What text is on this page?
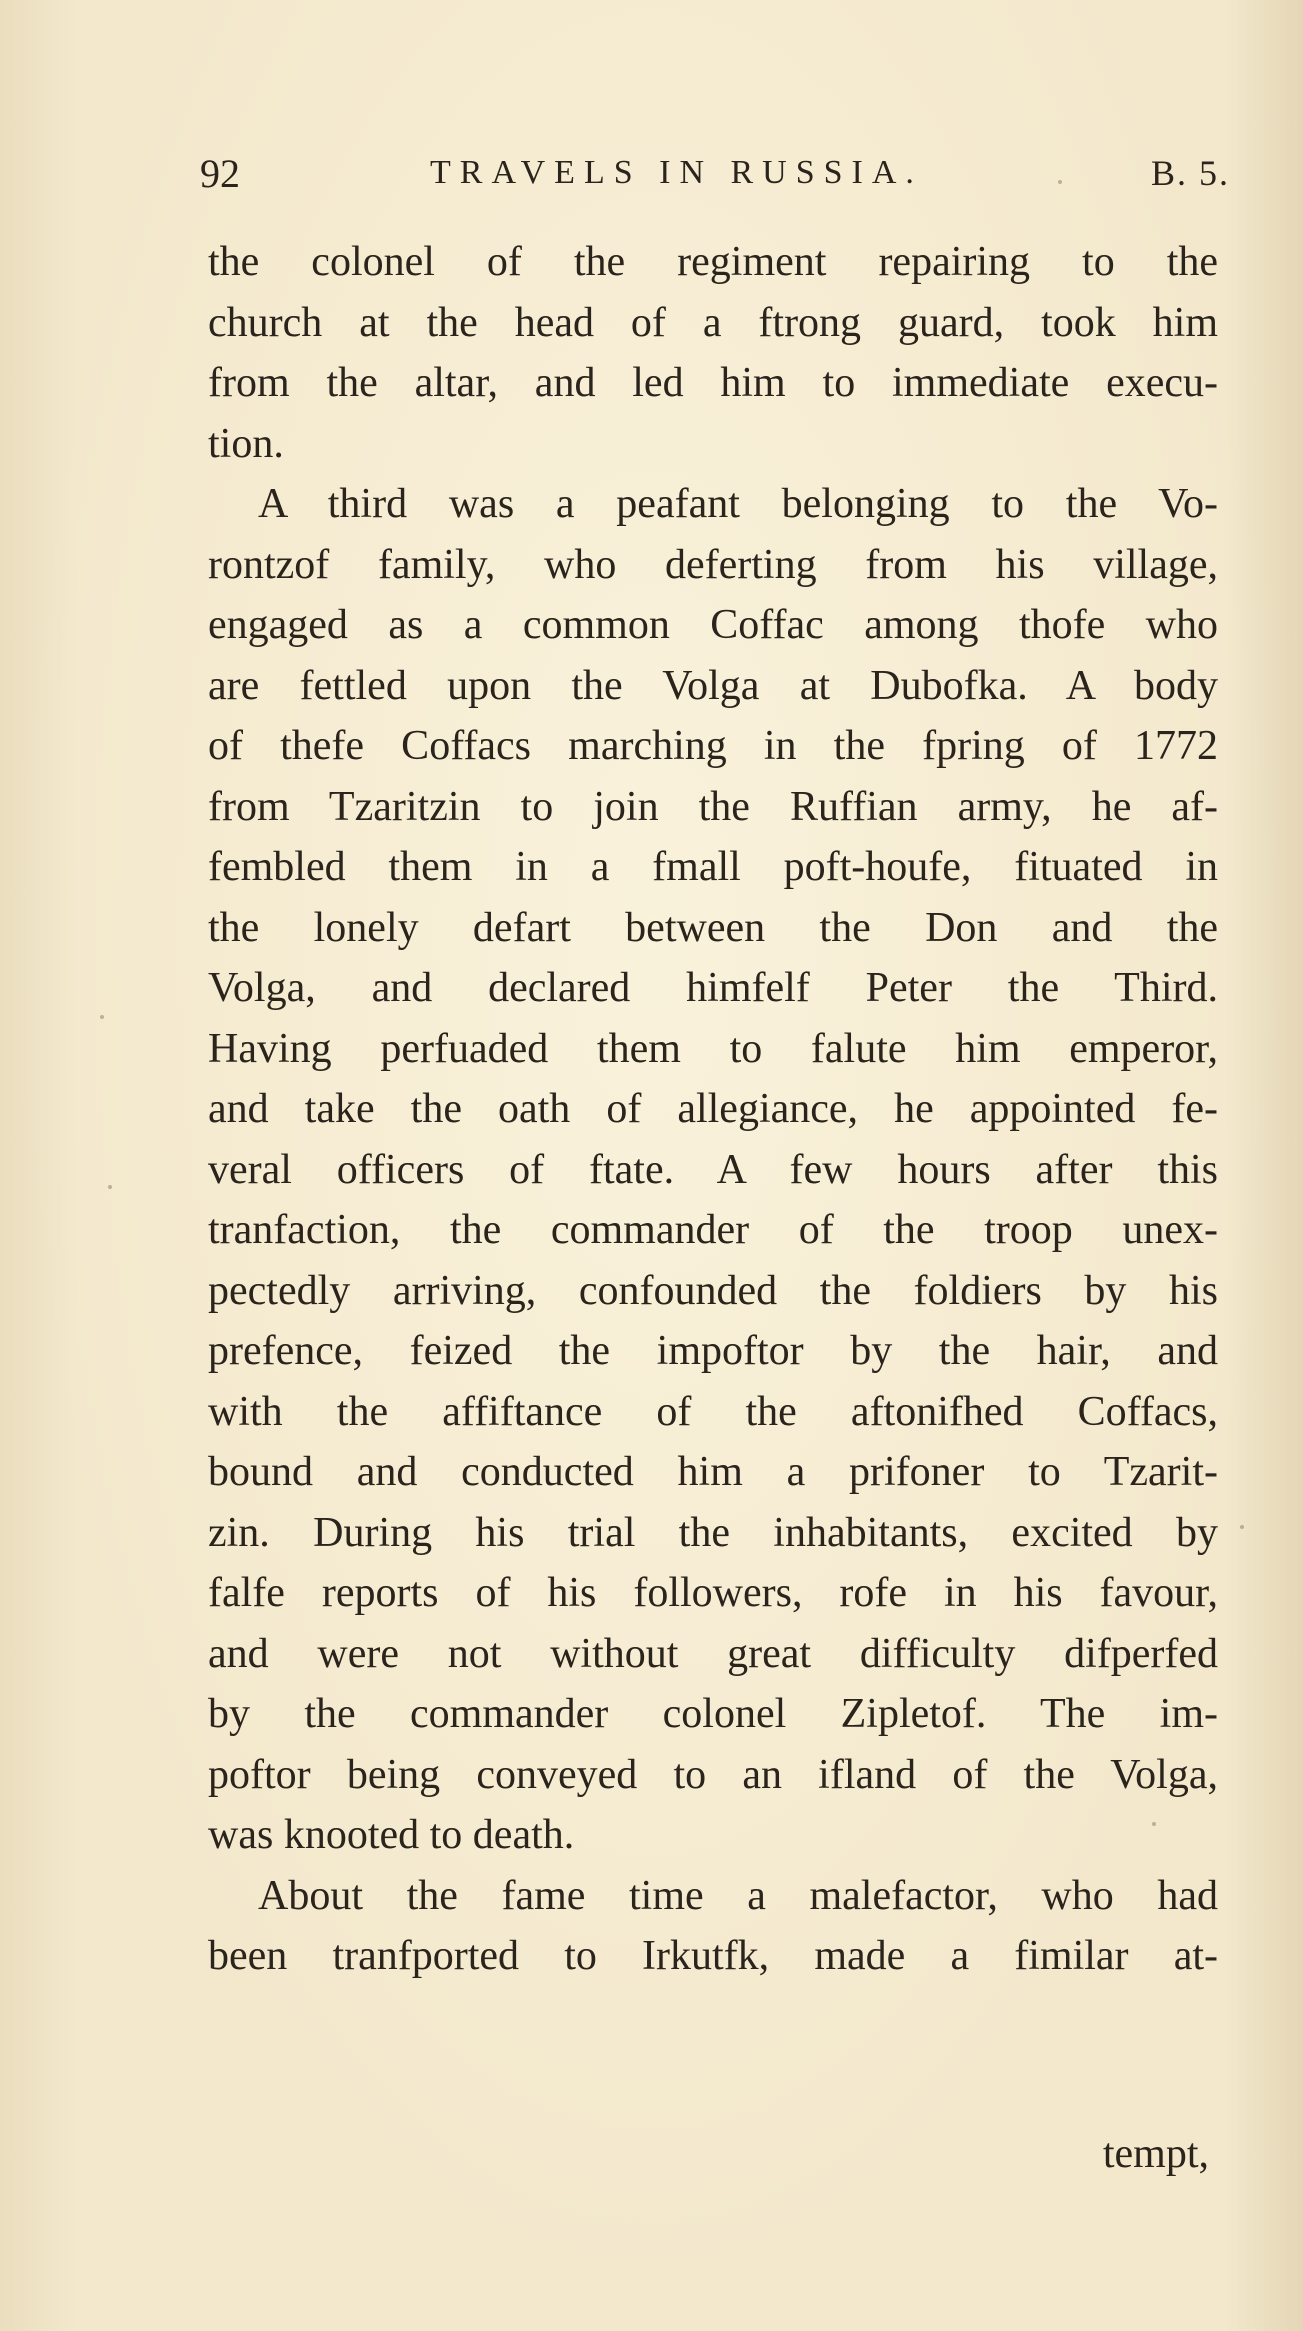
92	TRAVELS IN RUSSIA.	B. 5.
the colonel of the regiment repairing to the
church at the head of a ftrong guard, took him
from the altar, and led him to immediate execu-
tion.
A third was a peafant belonging to the Vo-
rontzof family, who deferting from his village,
engaged as a common Coffac among thofe who
are fettled upon the Volga at Dubofka. A body
of thefe Coffacs marching in the fpring of 1772
from Tzaritzin to join the Ruffian army, he af-
fembled them in a fmall poft-houfe, fituated in
the lonely defart between the Don and the
Volga, and declared himfelf Peter the Third.
Having perfuaded them to falute him emperor,
and take the oath of allegiance, he appointed fe-
veral officers of ftate. A few hours after this
tranfaction, the commander of the troop unex-
pectedly arriving, confounded the foldiers by his
prefence, feized the impoftor by the hair, and
with the affiftance of the aftonifhed Coffacs,
bound and conducted him a prifoner to Tzarit-
zin. During his trial the inhabitants, excited by
falfe reports of his followers, rofe in his favour,
and were not without great difficulty difperfed
by the commander colonel Zipletof. The im-
poftor being conveyed to an ifland of the Volga,
was knooted to death.
About the fame time a malefactor, who had
been tranfported to Irkutfk, made a fimilar at-
tempt,
